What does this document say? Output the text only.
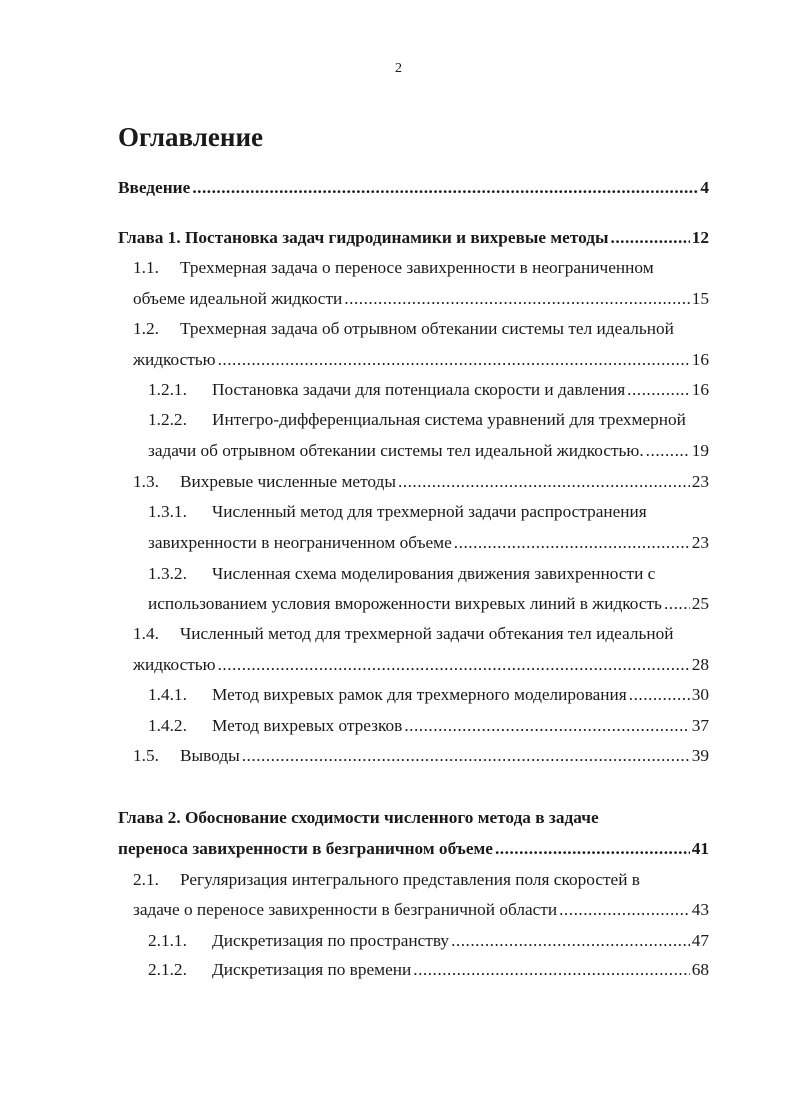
2
Оглавление
Введение .....	4
Глава 1. Постановка задач гидродинамики и вихревые методы .....	12
1.1.	Трехмерная задача о переносе завихренности в неограниченном
объеме идеальной жидкости .....	15
1.2.	Трехмерная задача об отрывном обтекании системы тел идеальной
жидкостью .....	16
1.2.1.	Постановка задачи для потенциала скорости и давления .....	16
1.2.2.	Интегро-дифференциальная система уравнений для трехмерной
задачи об отрывном обтекании системы тел идеальной жидкостью. .....	19
1.3.	Вихревые численные методы .....	23
1.3.1.	Численный метод для трехмерной задачи распространения
завихренности в неограниченном объеме .....	23
1.3.2.	Численная схема моделирования движения завихренности с
использованием условия вмороженности вихревых линий в жидкость ..... 25
1.4.	Численный метод для трехмерной задачи обтекания тел идеальной
жидкостью .....	28
1.4.1.	Метод вихревых рамок для трехмерного моделирования .....	30
1.4.2.	Метод вихревых отрезков .....	37
1.5.	Выводы .....	39
Глава 2. Обоснование сходимости численного метода в задаче
переноса завихренности в безграничном объеме .....	41
2.1.	Регуляризация интегрального представления поля скоростей в
задаче о переносе завихренности в безграничной области .....	43
2.1.1.	Дискретизация по пространству .....	47
2.1.2.	Дискретизация по времени .....	68
